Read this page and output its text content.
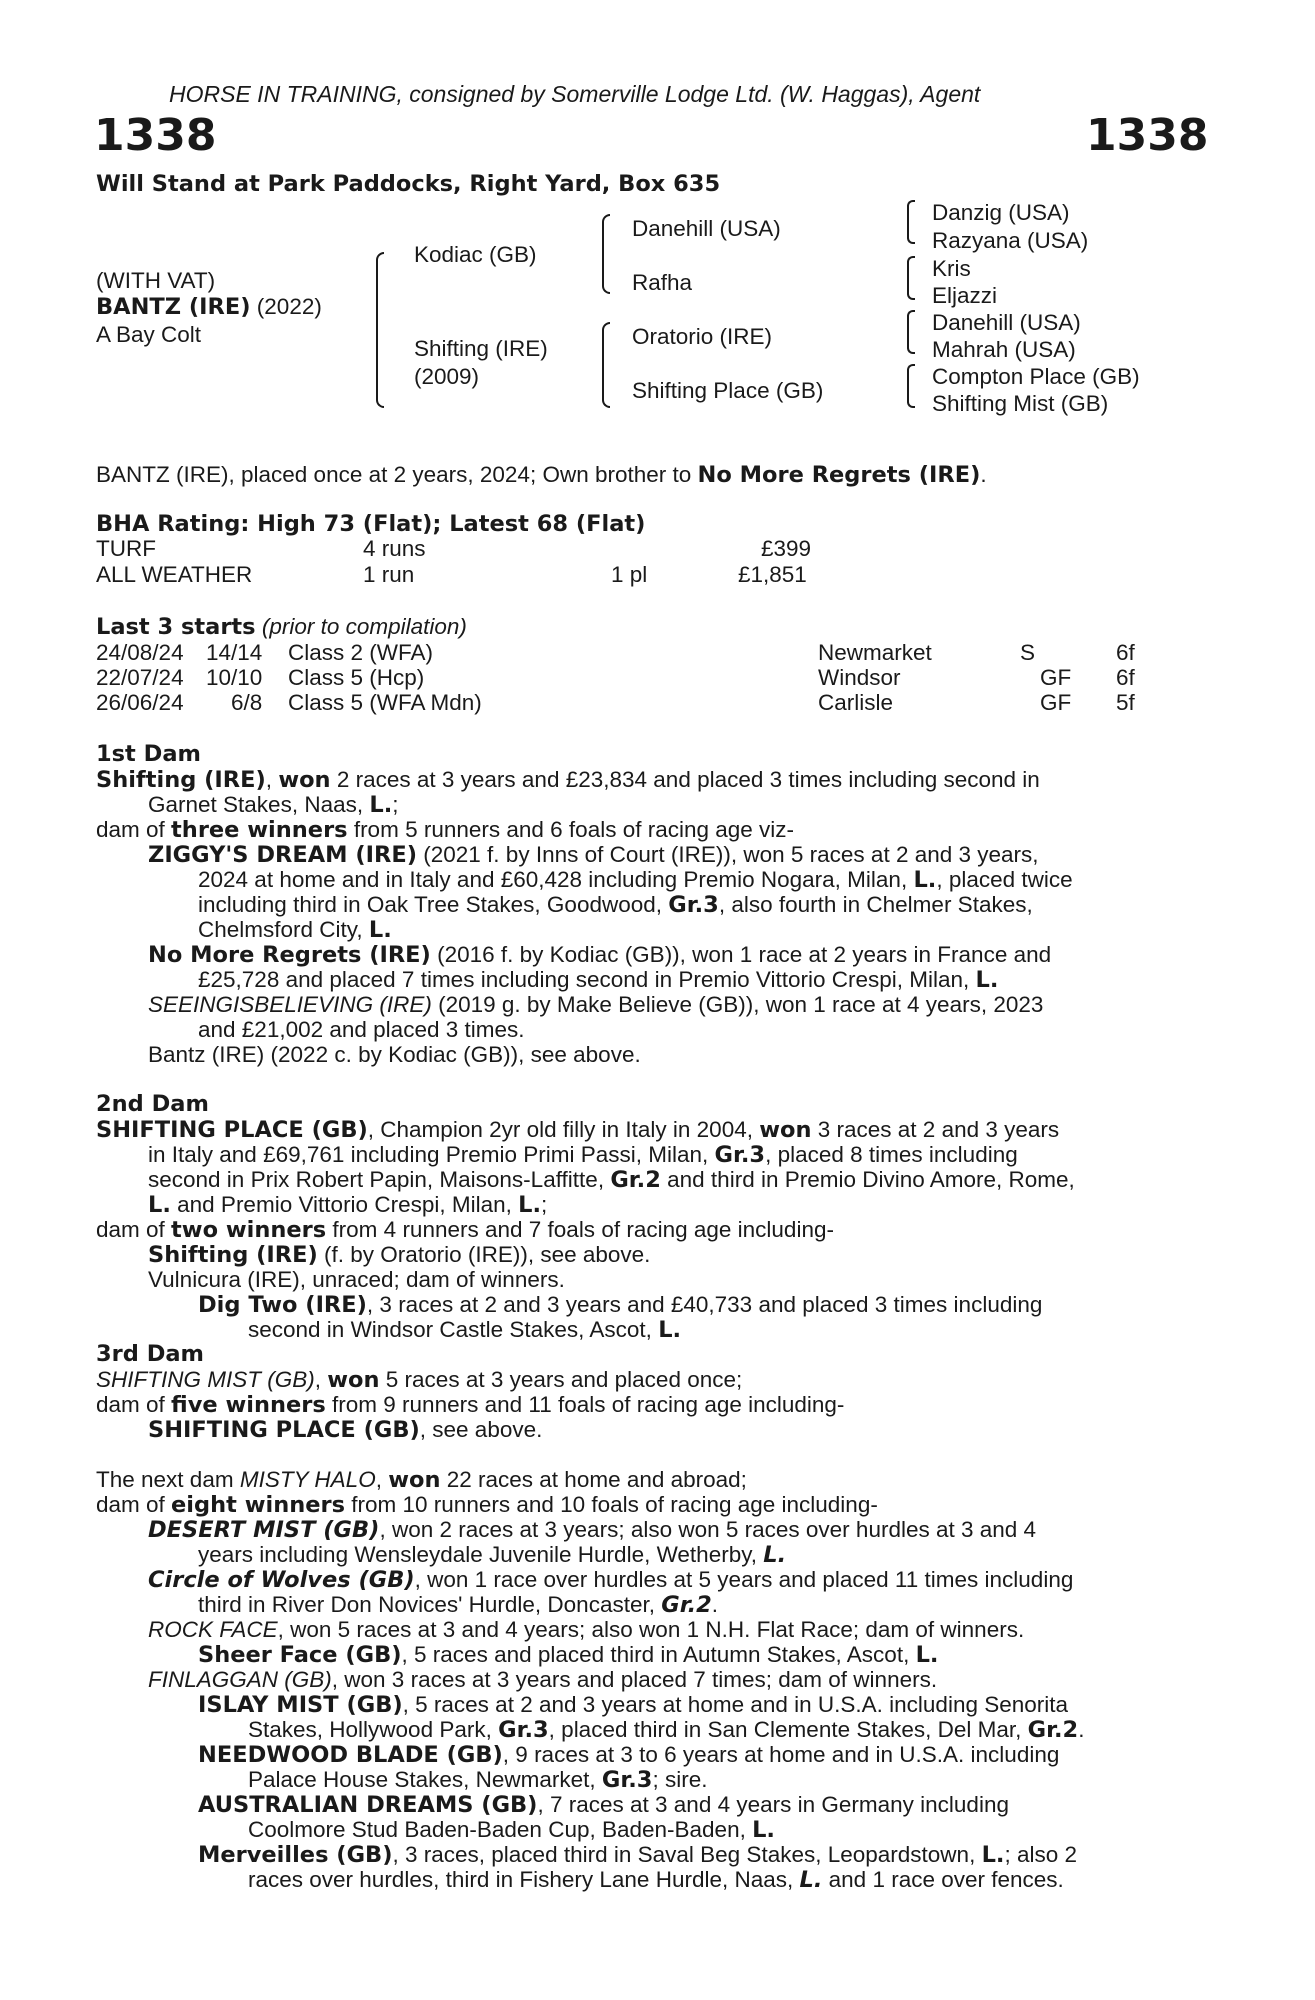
HORSE IN TRAINING, consigned by Somerville Lodge Ltd. (W. Haggas), Agent
1338	1338
Will Stand at Park Paddocks, Right Yard, Box 635
(WITH VAT)
BANTZ (IRE) (2022)
A Bay Colt
Kodiac (GB)
Shifting (IRE)
(2009)
Danehill (USA)
Rafha
Oratorio (IRE)
Shifting Place (GB)
Danzig (USA)
Razyana (USA)
Kris
Eljazzi
Danehill (USA)
Mahrah (USA)
Compton Place (GB)
Shifting Mist (GB)
BANTZ (IRE), placed once at 2 years, 2024; Own brother to No More Regrets (IRE).
BHA Rating: High 73 (Flat); Latest 68 (Flat)
TURF	4 runs	£399
ALL WEATHER	1 run	1 pl	£1,851
Last 3 starts (prior to compilation)
24/08/24 14/14 Class 2 (WFA)	Newmarket	S	6f
22/07/24 10/10 Class 5 (Hcp)	Windsor	GF 6f
26/06/24 6/8 Class 5 (WFA Mdn)	Carlisle	GF 5f
1st Dam
Shifting (IRE), won 2 races at 3 years and £23,834 and placed 3 times including second in
Garnet Stakes, Naas, L.;
dam of three winners from 5 runners and 6 foals of racing age viz-
ZIGGY'S DREAM (IRE) (2021 f. by Inns of Court (IRE)), won 5 races at 2 and 3 years,
2024 at home and in Italy and £60,428 including Premio Nogara, Milan, L., placed twice
including third in Oak Tree Stakes, Goodwood, Gr.3, also fourth in Chelmer Stakes,
Chelmsford City, L.
No More Regrets (IRE) (2016 f. by Kodiac (GB)), won 1 race at 2 years in France and
£25,728 and placed 7 times including second in Premio Vittorio Crespi, Milan, L.
SEEINGISBELIEVING (IRE) (2019 g. by Make Believe (GB)), won 1 race at 4 years, 2023
and £21,002 and placed 3 times.
Bantz (IRE) (2022 c. by Kodiac (GB)), see above.
2nd Dam
SHIFTING PLACE (GB), Champion 2yr old filly in Italy in 2004, won 3 races at 2 and 3 years
in Italy and £69,761 including Premio Primi Passi, Milan, Gr.3, placed 8 times including
second in Prix Robert Papin, Maisons-Laffitte, Gr.2 and third in Premio Divino Amore, Rome,
L. and Premio Vittorio Crespi, Milan, L.;
dam of two winners from 4 runners and 7 foals of racing age including-
Shifting (IRE) (f. by Oratorio (IRE)), see above.
Vulnicura (IRE), unraced; dam of winners.
Dig Two (IRE), 3 races at 2 and 3 years and £40,733 and placed 3 times including
second in Windsor Castle Stakes, Ascot, L.
3rd Dam
SHIFTING MIST (GB), won 5 races at 3 years and placed once;
dam of five winners from 9 runners and 11 foals of racing age including-
SHIFTING PLACE (GB), see above.
The next dam MISTY HALO, won 22 races at home and abroad;
dam of eight winners from 10 runners and 10 foals of racing age including-
DESERT MIST (GB), won 2 races at 3 years; also won 5 races over hurdles at 3 and 4
years including Wensleydale Juvenile Hurdle, Wetherby, L.
Circle of Wolves (GB), won 1 race over hurdles at 5 years and placed 11 times including
third in River Don Novices' Hurdle, Doncaster, Gr.2.
ROCK FACE, won 5 races at 3 and 4 years; also won 1 N.H. Flat Race; dam of winners.
Sheer Face (GB), 5 races and placed third in Autumn Stakes, Ascot, L.
FINLAGGAN (GB), won 3 races at 3 years and placed 7 times; dam of winners.
ISLAY MIST (GB), 5 races at 2 and 3 years at home and in U.S.A. including Senorita
Stakes, Hollywood Park, Gr.3, placed third in San Clemente Stakes, Del Mar, Gr.2.
NEEDWOOD BLADE (GB), 9 races at 3 to 6 years at home and in U.S.A. including
Palace House Stakes, Newmarket, Gr.3; sire.
AUSTRALIAN DREAMS (GB), 7 races at 3 and 4 years in Germany including
Coolmore Stud Baden-Baden Cup, Baden-Baden, L.
Merveilles (GB), 3 races, placed third in Saval Beg Stakes, Leopardstown, L.; also 2
races over hurdles, third in Fishery Lane Hurdle, Naas, L. and 1 race over fences.
